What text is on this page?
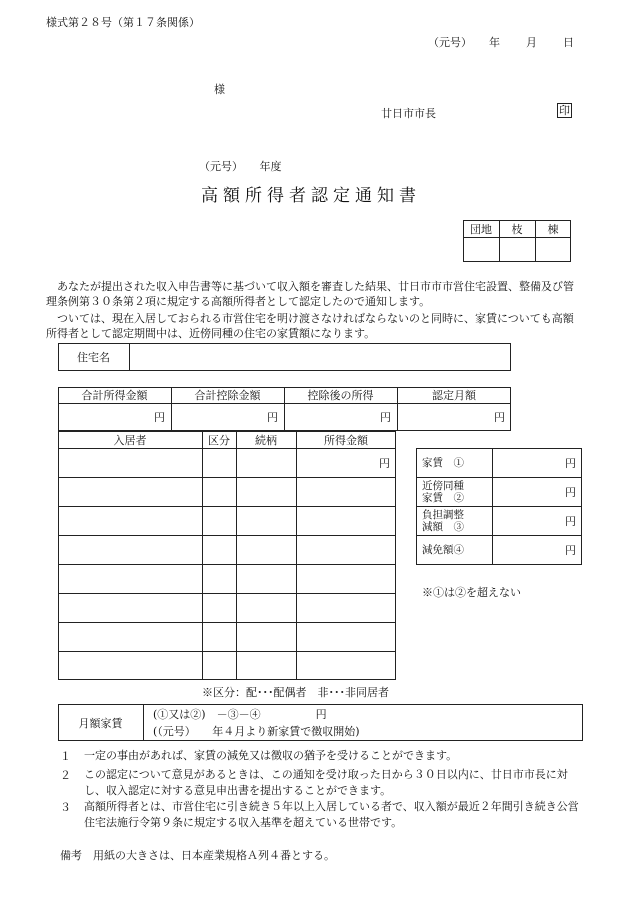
様式第２８号（第１７条関係）
（元号） 年 月 日
様
廿日市市長	印
（元号）　　年度
高額所得者認定通知書
団地	枝	棟
　あなたが提出された収入申告書等に基づいて収入額を審査した結果、廿日市市市営住宅設置、整備及び管理条例第３０条第２項に規定する高額所得者として認定したので通知します。
　ついては、現在入居しておられる市営住宅を明け渡さなければならないのと同時に、家賃についても高額所得者として認定期間中は、近傍同種の住宅の家賃額になります。
住宅名
合計所得金額	合計控除金額	控除後の所得	認定月額
円	円	円	円
入居者	区分	続柄	所得金額
円
※区分：配･･･配偶者　非･･･非同居者
家賃　①	円
近傍同種
家賃　②	円
負担調整
減額　③	円
減免額④	円
※①は②を超えない
月額家賃
(①又は②)　－③－④　　　　　円
(（元号）　　年４月より新家賃で徴収開始)
１ 一定の事由があれば、家賃の減免又は徴収の猶予を受けることができます。
２ この認定について意見があるときは、この通知を受け取った日から３０日以内に、廿日市市長に対し、収入認定に対する意見申出書を提出することができます。
３ 高額所得者とは、市営住宅に引き続き５年以上入居している者で、収入額が最近２年間引き続き公営住宅法施行令第９条に規定する収入基準を超えている世帯です。
備考　用紙の大きさは、日本産業規格Ａ列４番とする。
